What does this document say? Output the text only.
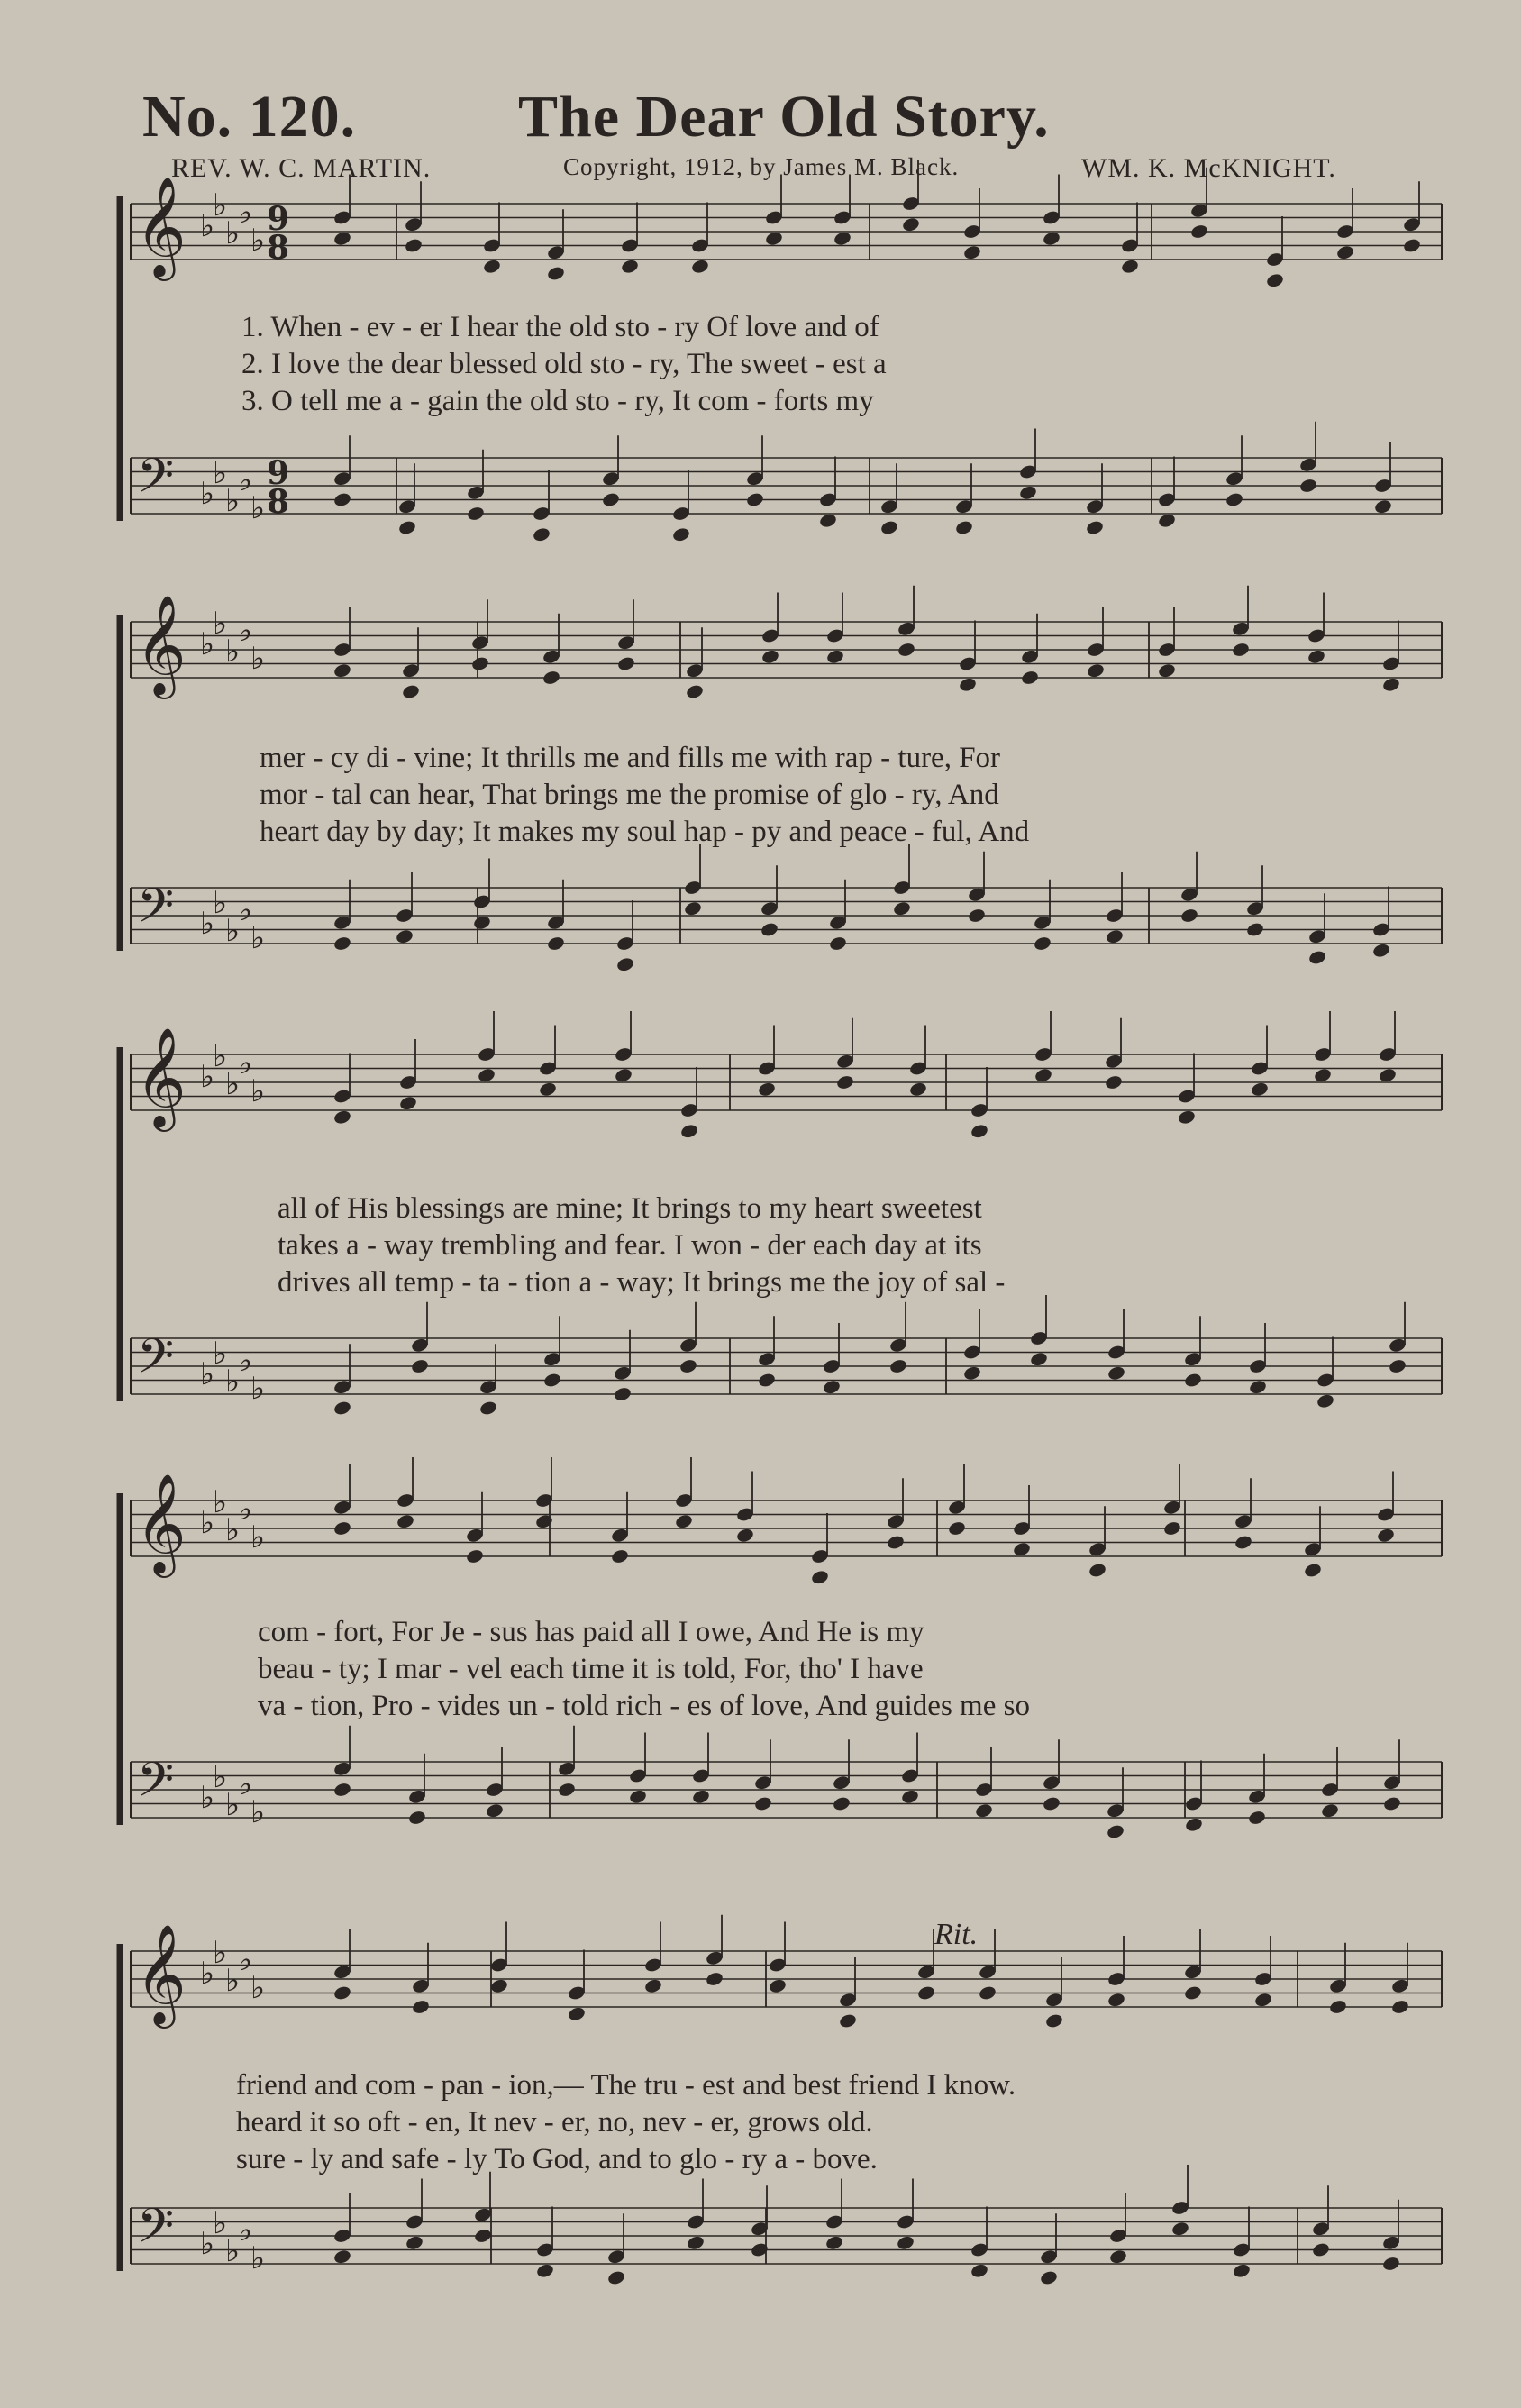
No. 120.	The Dear Old Story.
REV. W. C. MARTIN.	Copyright, 1912, by James M. Black.	WM. K. McKNIGHT.
𝄞 ♭
♭
♭
♭
♭
9
8
𝄢 ♭
♭
♭
♭
♭
9
8
𝄞 ♭
♭
♭
♭
♭
𝄢 ♭
♭
♭
♭
♭
𝄞 ♭
♭
♭
♭
♭
𝄢 ♭
♭
♭
♭
♭
𝄞 ♭
♭
♭
♭
♭
𝄢 ♭
♭
♭
♭
♭
𝄞 ♭
♭
♭
♭
♭
𝄢 ♭
♭
♭
♭
♭
1. When - ev - er I hear the old sto - ry Of love and of
2. I love the dear blessed old sto - ry, The sweet - est a
3. O tell me a - gain the old sto - ry, It com - forts my
mer - cy di - vine; It thrills me and fills me with rap - ture, For
mor - tal can hear, That brings me the promise of glo - ry, And
heart day by day; It makes my soul hap - py and peace - ful, And
all of His blessings are mine; It brings to my heart sweetest
takes a - way trembling and fear. I won - der each day at its
drives all temp - ta - tion a - way; It brings me the joy of sal -
com - fort, For Je - sus has paid all I owe, And He is my
beau - ty; I mar - vel each time it is told, For, tho' I have
va - tion, Pro - vides un - told rich - es of love, And guides me so
Rit.
friend and com - pan - ion,— The tru - est and best friend I know.
heard it so oft - en, It nev - er, no, nev - er, grows old.
sure - ly and safe - ly To God, and to glo - ry a - bove.
